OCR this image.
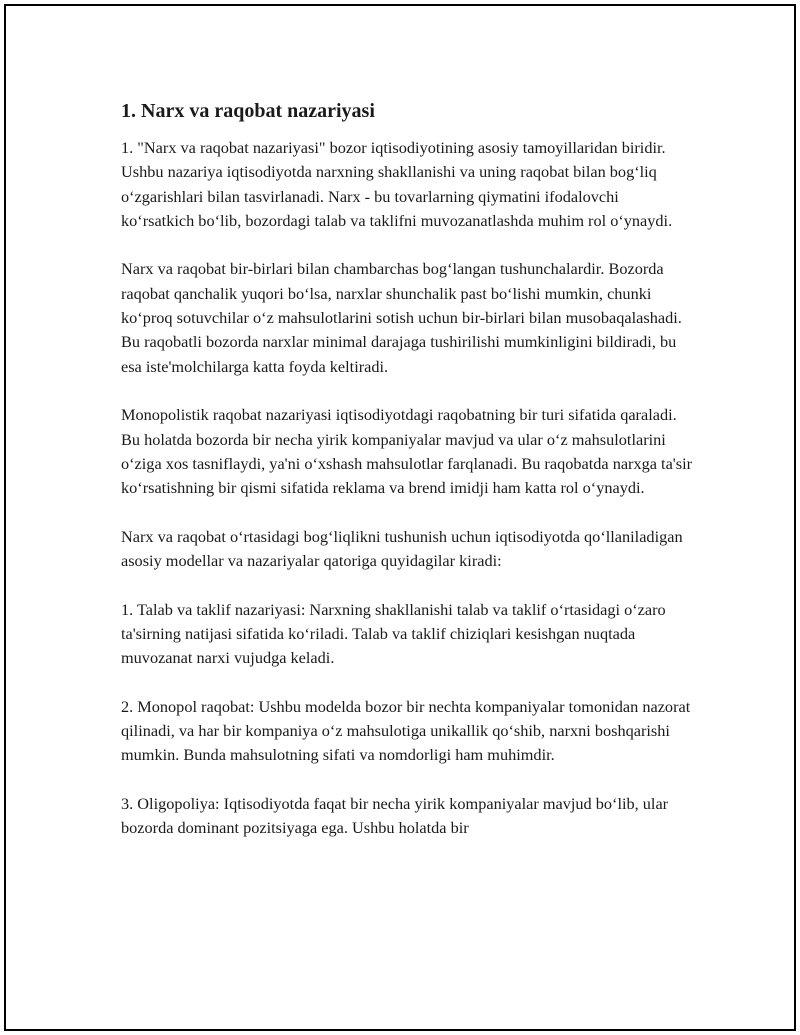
1. Narx va raqobat nazariyasi

1. "Narx va raqobat nazariyasi" bozor iqtisodiyotining asosiy tamoyillaridan biridir. Ushbu nazariya iqtisodiyotda narxning shakllanishi va uning raqobat bilan bog‘liq o‘zgarishlari bilan tasvirlanadi. Narx - bu tovarlarning qiymatini ifodalovchi ko‘rsatkich bo‘lib, bozordagi talab va taklifni muvozanatlashda muhim rol o‘ynaydi.

Narx va raqobat bir-birlari bilan chambarchas bog‘langan tushunchalardir. Bozorda raqobat qanchalik yuqori bo‘lsa, narxlar shunchalik past bo‘lishi mumkin, chunki ko‘proq sotuvchilar o‘z mahsulotlarini sotish uchun bir-birlari bilan musobaqalashadi. Bu raqobatli bozorda narxlar minimal darajaga tushirilishi mumkinligini bildiradi, bu esa iste'molchilarga katta foyda keltiradi.

Monopolistik raqobat nazariyasi iqtisodiyotdagi raqobatning bir turi sifatida qaraladi. Bu holatda bozorda bir necha yirik kompaniyalar mavjud va ular o‘z mahsulotlarini o‘ziga xos tasniflaydi, ya'ni o‘xshash mahsulotlar farqlanadi. Bu raqobatda narxga ta'sir ko‘rsatishning bir qismi sifatida reklama va brend imidji ham katta rol o‘ynaydi.

Narx va raqobat o‘rtasidagi bog‘liqlikni tushunish uchun iqtisodiyotda qo‘llaniladigan asosiy modellar va nazariyalar qatoriga quyidagilar kiradi:

1. Talab va taklif nazariyasi: Narxning shakllanishi talab va taklif o‘rtasidagi o‘zaro ta'sirning natijasi sifatida ko‘riladi. Talab va taklif chiziqlari kesishgan nuqtada muvozanat narxi vujudga keladi.

2. Monopol raqobat: Ushbu modelda bozor bir nechta kompaniyalar tomonidan nazorat qilinadi, va har bir kompaniya o‘z mahsulotiga unikallik qo‘shib, narxni boshqarishi mumkin. Bunda mahsulotning sifati va nomdorligi ham muhimdir.

3. Oligopoliya: Iqtisodiyotda faqat bir necha yirik kompaniyalar mavjud bo‘lib, ular bozorda dominant pozitsiyaga ega. Ushbu holatda bir
